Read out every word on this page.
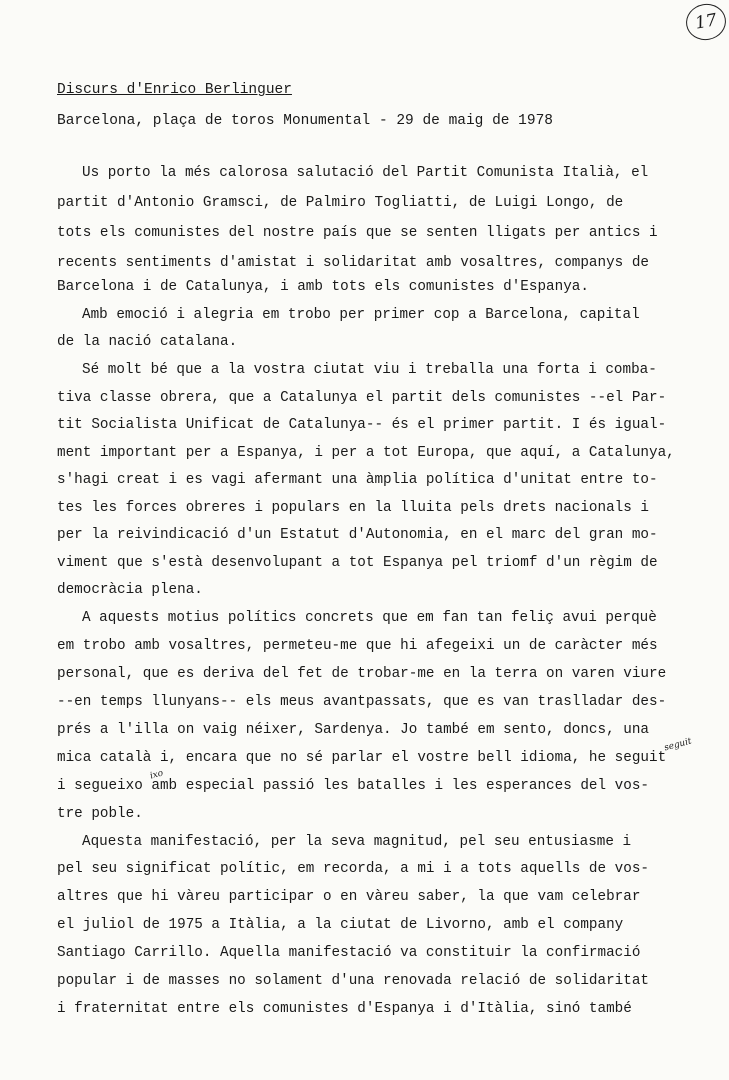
17
Discurs d'Enrico Berlinguer

Barcelona, plaça de toros Monumental - 29 de maig de 1978

Us porto la més calorosa salutació del Partit Comunista Italià, el

partit d'Antonio Gramsci, de Palmiro Togliatti, de Luigi Longo, de

tots els comunistes del nostre país que se senten lligats per antics i

recents sentiments d'amistat i solidaritat amb vosaltres, companys de

Barcelona i de Catalunya, i amb tots els comunistes d'Espanya.

Amb emoció i alegria em trobo per primer cop a Barcelona, capital

de la nació catalana.

Sé molt bé que a la vostra ciutat viu i treballa una forta i comba-

tiva classe obrera, que a Catalunya el partit dels comunistes --el Par-

tit Socialista Unificat de Catalunya-- és el primer partit. I és igual-

ment important per a Espanya, i per a tot Europa, que aquí, a Catalunya,

s'hagi creat i es vagi afermant una àmplia política d'unitat entre to-

tes les forces obreres i populars en la lluita pels drets nacionals i

per la reivindicació d'un Estatut d'Autonomia, en el marc del gran mo-

viment que s'està desenvolupant a tot Espanya pel triomf d'un règim de

democràcia plena.

A aquests motius polítics concrets que em fan tan feliç avui perquè

em trobo amb vosaltres, permeteu-me que hi afegeixi un de caràcter més

personal, que es deriva del fet de trobar-me en la terra on varen viure

--en temps llunyans-- els meus avantpassats, que es van traslladar des-

prés a l'illa on vaig néixer, Sardenya. Jo també em sento, doncs, una

mica català i, encara que no sé parlar el vostre bell idioma, he seguit

i segueixo amb especial passió les batalles i les esperances del vos-

tre poble.

Aquesta manifestació, per la seva magnitud, pel seu entusiasme i

pel seu significat polític, em recorda, a mi i a tots aquells de vos-

altres que hi vàreu participar o en vàreu saber, la que vam celebrar

el juliol de 1975 a Itàlia, a la ciutat de Livorno, amb el company

Santiago Carrillo. Aquella manifestació va constituir la confirmació

popular i de masses no solament d'una renovada relació de solidaritat

i fraternitat entre els comunistes d'Espanya i d'Itàlia, sinó també

seguit
ixo
